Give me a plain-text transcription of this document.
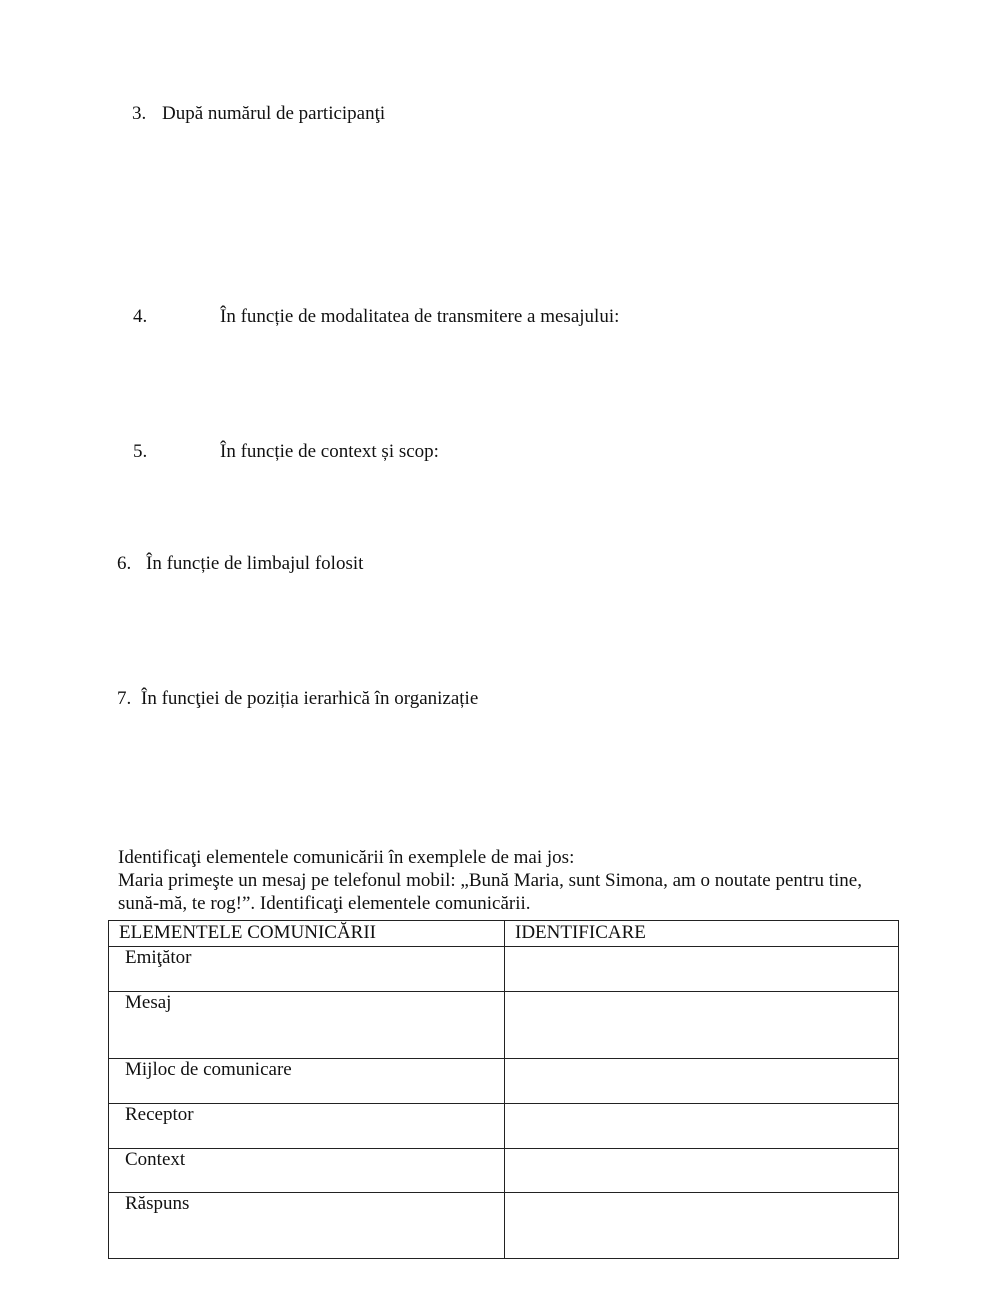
3. După numărul de participanţi
4.	În funcție de modalitatea de transmitere a mesajului:
5.	În funcție de context și scop:
6. În funcție de limbajul folosit
7. În funcţiei de poziția ierarhică în organizație
Identificaţi elementele comunicării în exemplele de mai jos:
Maria primeşte un mesaj pe telefonul mobil: „Bună Maria, sunt Simona, am o noutate pentru tine,
sună-mă, te rog!”. Identificaţi elementele comunicării.
ELEMENTELE COMUNICĂRII	IDENTIFICARE

Emiţător	

Mesaj	

Mijloc de comunicare	

Receptor	

Context	

Răspuns	
